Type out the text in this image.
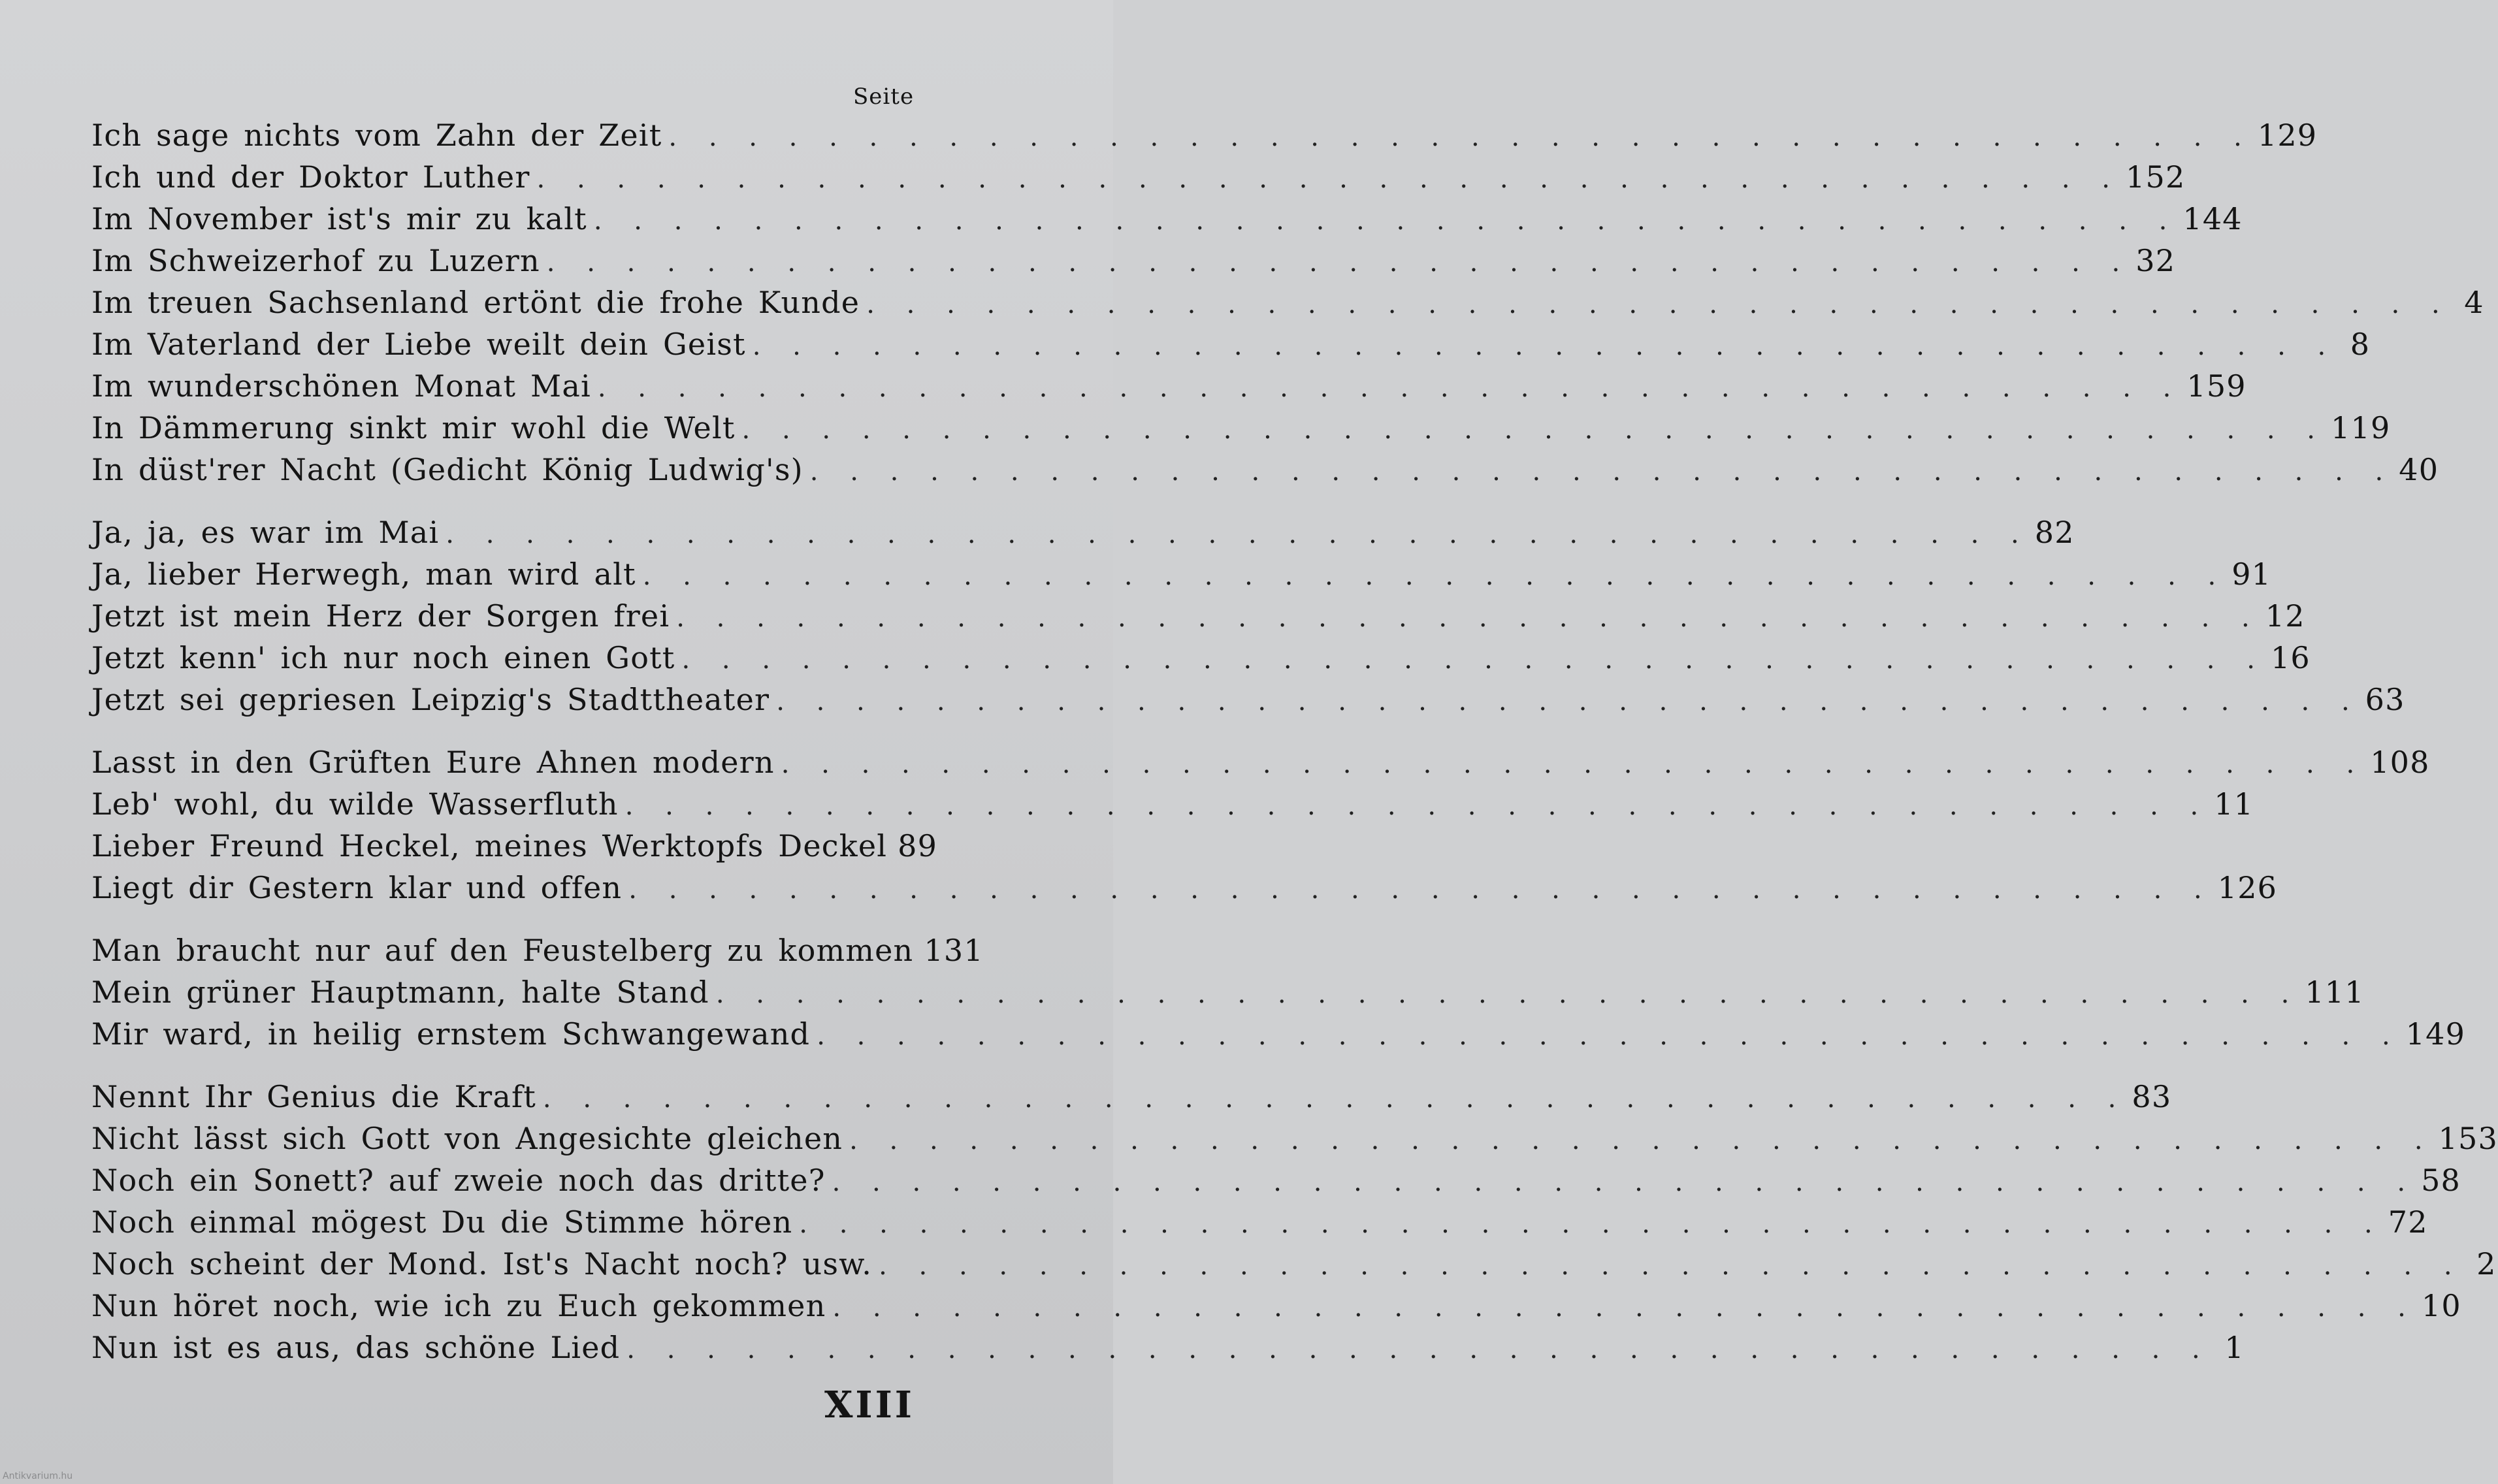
Seite
Ich sage nichts vom Zahn der Zeit . . .	129
Ich und der Doktor Luther . . .	152
Im November ist's mir zu kalt . . .	144
Im Schweizerhof zu Luzern . . .	32
Im treuen Sachsenland ertönt die frohe Kunde . . .	4
Im Vaterland der Liebe weilt dein Geist . . .	8
Im wunderschönen Monat Mai . . .	159
In Dämmerung sinkt mir wohl die Welt . . .	119
In düst'rer Nacht (Gedicht König Ludwig's) . . .	40
Ja, ja, es war im Mai . . .	82
Ja, lieber Herwegh, man wird alt . . .	91
Jetzt ist mein Herz der Sorgen frei . . .	12
Jetzt kenn' ich nur noch einen Gott . . .	16
Jetzt sei gepriesen Leipzig's Stadttheater . . .	63
Lasst in den Grüften Eure Ahnen modern . . .	108
Leb' wohl, du wilde Wasserfluth . . .	11
Lieber Freund Heckel, meines Werktopfs Deckel 89
Liegt dir Gestern klar und offen . . .	126
Man braucht nur auf den Feustelberg zu kommen 131
Mein grüner Hauptmann, halte Stand . . .	111
Mir ward, in heilig ernstem Schwangewand . . .	149
Nennt Ihr Genius die Kraft . . .	83
Nicht lässt sich Gott von Angesichte gleichen . . .	153
Noch ein Sonett? auf zweie noch das dritte? . . .	58
Noch einmal mögest Du die Stimme hören . . .	72
Noch scheint der Mond. Ist's Nacht noch? usw. . . .	2
Nun höret noch, wie ich zu Euch gekommen . . .	10
Nun ist es aus, das schöne Lied . . .	1
XIII
Antikvarium.hu
